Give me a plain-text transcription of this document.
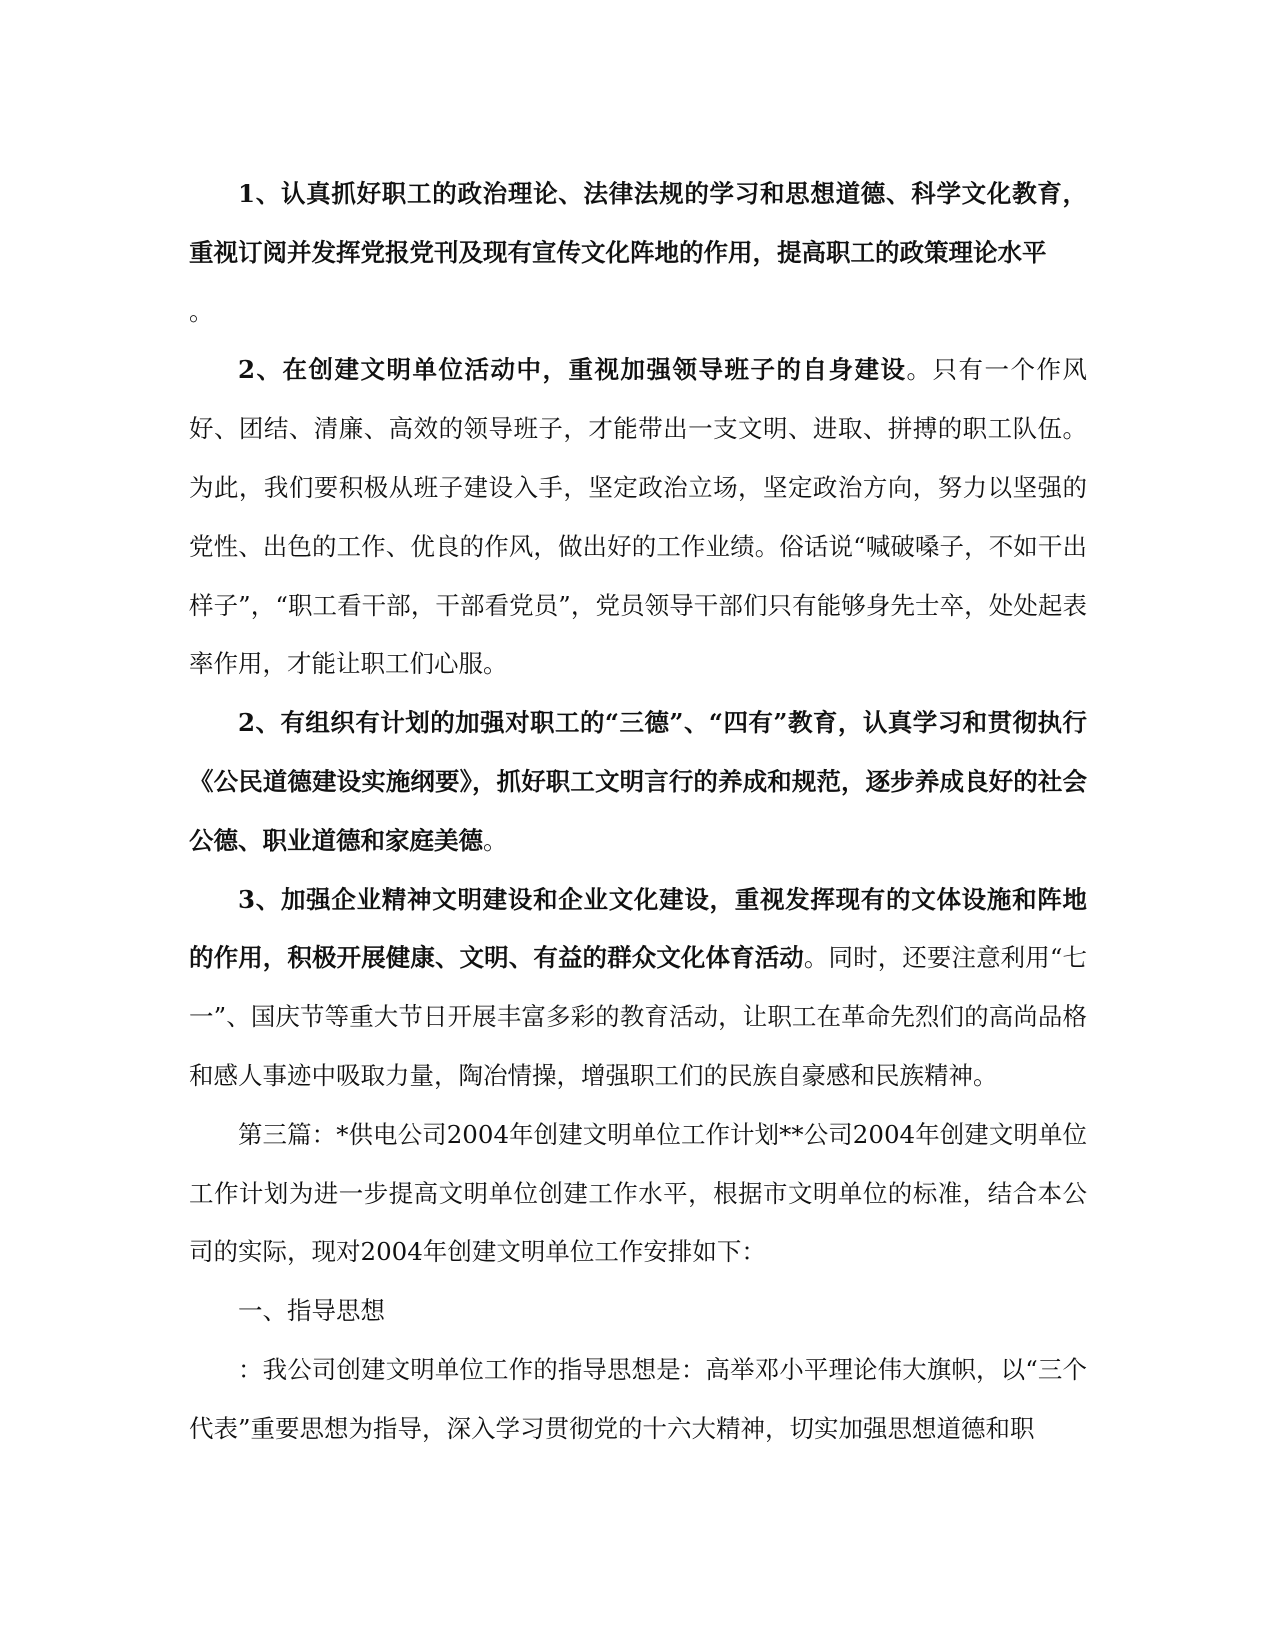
1、认真抓好职工的政治理论、法律法规的学习和思想道德、科学文化教育，重视订阅并发挥党报党刊及现有宣传文化阵地的作用，提高职工的政策理论水平

。

2、在创建文明单位活动中，重视加强领导班子的自身建设。只有一个作风好、团结、清廉、高效的领导班子，才能带出一支文明、进取、拼搏的职工队伍。为此，我们要积极从班子建设入手，坚定政治立场，坚定政治方向，努力以坚强的党性、出色的工作、优良的作风，做出好的工作业绩。俗话说“喊破嗓子，不如干出样子”，“职工看干部，干部看党员”，党员领导干部们只有能够身先士卒，处处起表率作用，才能让职工们心服。

2、有组织有计划的加强对职工的“三德”、“四有”教育，认真学习和贯彻执行《公民道德建设实施纲要》，抓好职工文明言行的养成和规范，逐步养成良好的社会公德、职业道德和家庭美德。

3、加强企业精神文明建设和企业文化建设，重视发挥现有的文体设施和阵地的作用，积极开展健康、文明、有益的群众文化体育活动。同时，还要注意利用“七一”、国庆节等重大节日开展丰富多彩的教育活动，让职工在革命先烈们的高尚品格和感人事迹中吸取力量，陶冶情操，增强职工们的民族自豪感和民族精神。

第三篇：*供电公司2004年创建文明单位工作计划**公司2004年创建文明单位工作计划为进一步提高文明单位创建工作水平，根据市文明单位的标准，结合本公司的实际，现对2004年创建文明单位工作安排如下：

一、指导思想

：我公司创建文明单位工作的指导思想是：高举邓小平理论伟大旗帜，以“三个代表”重要思想为指导，深入学习贯彻党的十六大精神，切实加强思想道德和职
